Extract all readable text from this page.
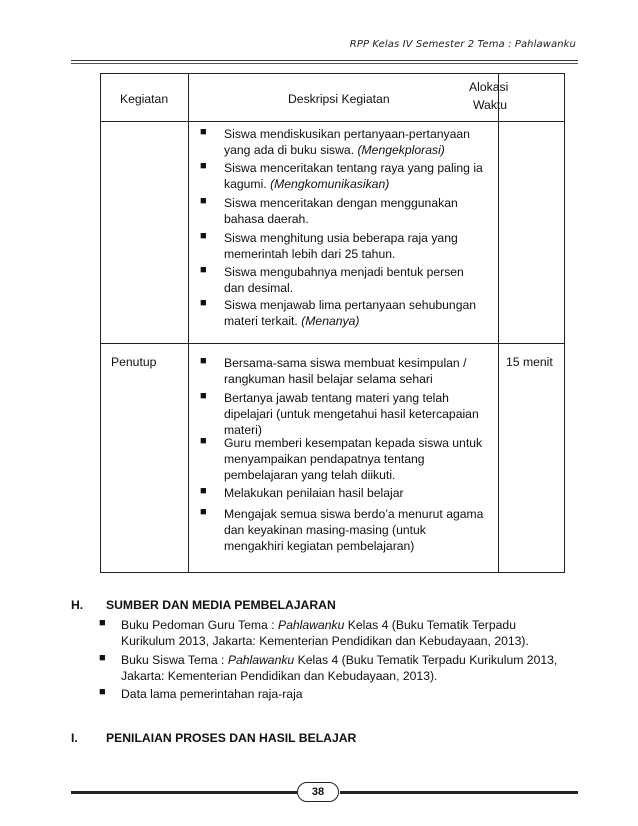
RPP Kelas IV Semester 2 Tema : Pahlawanku
Kegiatan	Deskripsi Kegiatan
Alokasi
Waktu
■ Siswa mendiskusikan pertanyaan-pertanyaan yang ada di buku siswa. (Mengekplorasi)
■ Siswa menceritakan tentang raya yang paling ia kagumi. (Mengkomunikasikan)
■ Siswa menceritakan dengan menggunakan bahasa daerah.
■ Siswa menghitung usia beberapa raja yang memerintah lebih dari 25 tahun.
■ Siswa mengubahnya menjadi bentuk persen dan desimal.
■ Siswa menjawab lima pertanyaan sehubungan materi terkait. (Menanya)
Penutup	15 menit
■ Bersama-sama siswa membuat kesimpulan / rangkuman hasil belajar selama sehari
■ Bertanya jawab tentang materi yang telah dipelajari (untuk mengetahui hasil ketercapaian materi)
■ Guru memberi kesempatan kepada siswa untuk menyampaikan pendapatnya tentang pembelajaran yang telah diikuti.
■ Melakukan penilaian hasil belajar
■ Mengajak semua siswa berdo’a menurut agama dan keyakinan masing-masing (untuk mengakhiri kegiatan pembelajaran)
H. SUMBER DAN MEDIA PEMBELAJARAN
■ Buku Pedoman Guru Tema : Pahlawanku Kelas 4 (Buku Tematik Terpadu Kurikulum 2013, Jakarta: Kementerian Pendidikan dan Kebudayaan, 2013).
■ Buku Siswa Tema : Pahlawanku Kelas 4 (Buku Tematik Terpadu Kurikulum 2013, Jakarta: Kementerian Pendidikan dan Kebudayaan, 2013).
■ Data lama pemerintahan raja-raja
I. PENILAIAN PROSES DAN HASIL BELAJAR
38
